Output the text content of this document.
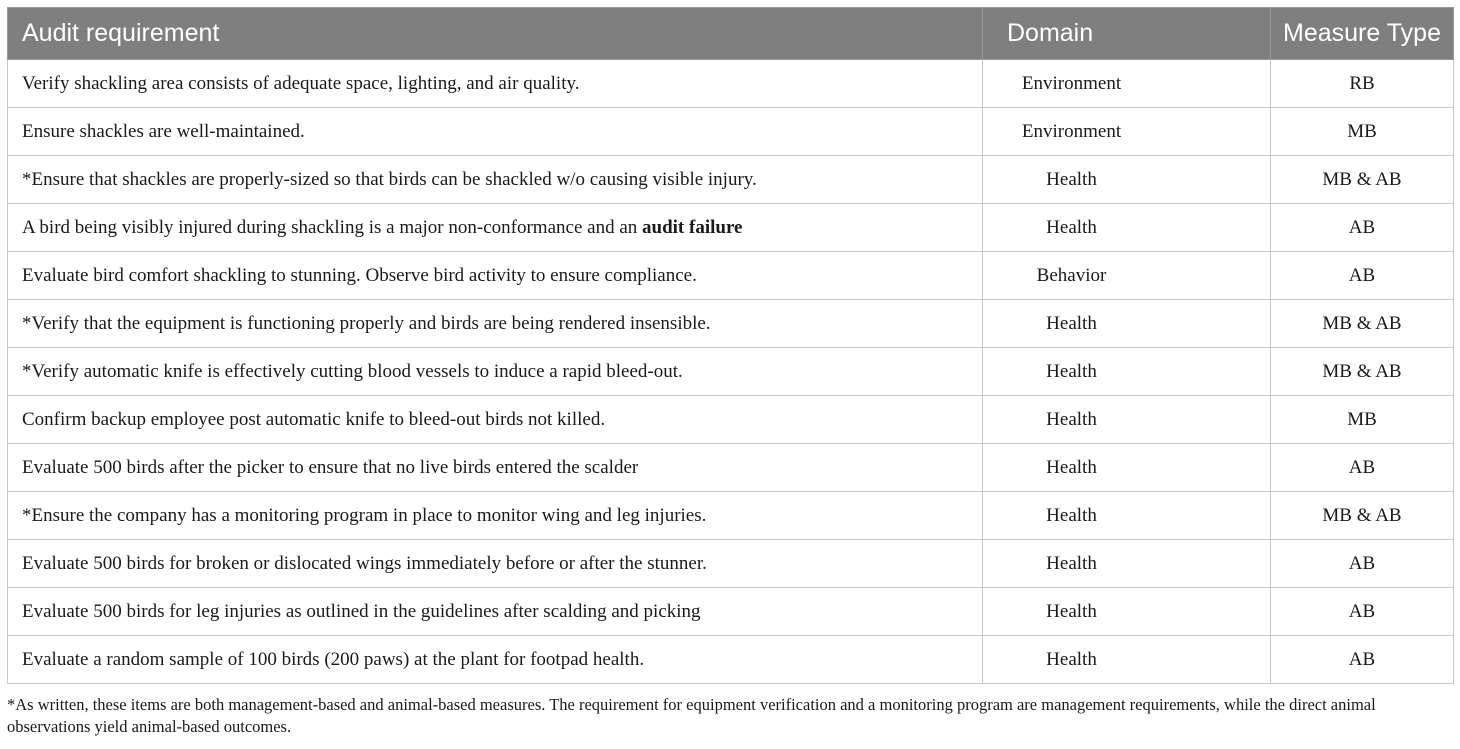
Audit requirement	Domain	Measure Type
Verify shackling area consists of adequate space, lighting, and air quality.	Environment	RB
Ensure shackles are well-maintained.	Environment	MB
*Ensure that shackles are properly-sized so that birds can be shackled w/o causing visible injury.	Health	MB & AB
A bird being visibly injured during shackling is a major non-conformance and an audit failure	Health	AB
Evaluate bird comfort shackling to stunning. Observe bird activity to ensure compliance.	Behavior	AB
*Verify that the equipment is functioning properly and birds are being rendered insensible.	Health	MB & AB
*Verify automatic knife is effectively cutting blood vessels to induce a rapid bleed-out.	Health	MB & AB
Confirm backup employee post automatic knife to bleed-out birds not killed.	Health	MB
Evaluate 500 birds after the picker to ensure that no live birds entered the scalder	Health	AB
*Ensure the company has a monitoring program in place to monitor wing and leg injuries.	Health	MB & AB
Evaluate 500 birds for broken or dislocated wings immediately before or after the stunner.	Health	AB
Evaluate 500 birds for leg injuries as outlined in the guidelines after scalding and picking	Health	AB
Evaluate a random sample of 100 birds (200 paws) at the plant for footpad health.	Health	AB
*As written, these items are both management-based and animal-based measures. The requirement for equipment verification and a monitoring program are management requirements, while the direct animal observations yield animal-based outcomes.
